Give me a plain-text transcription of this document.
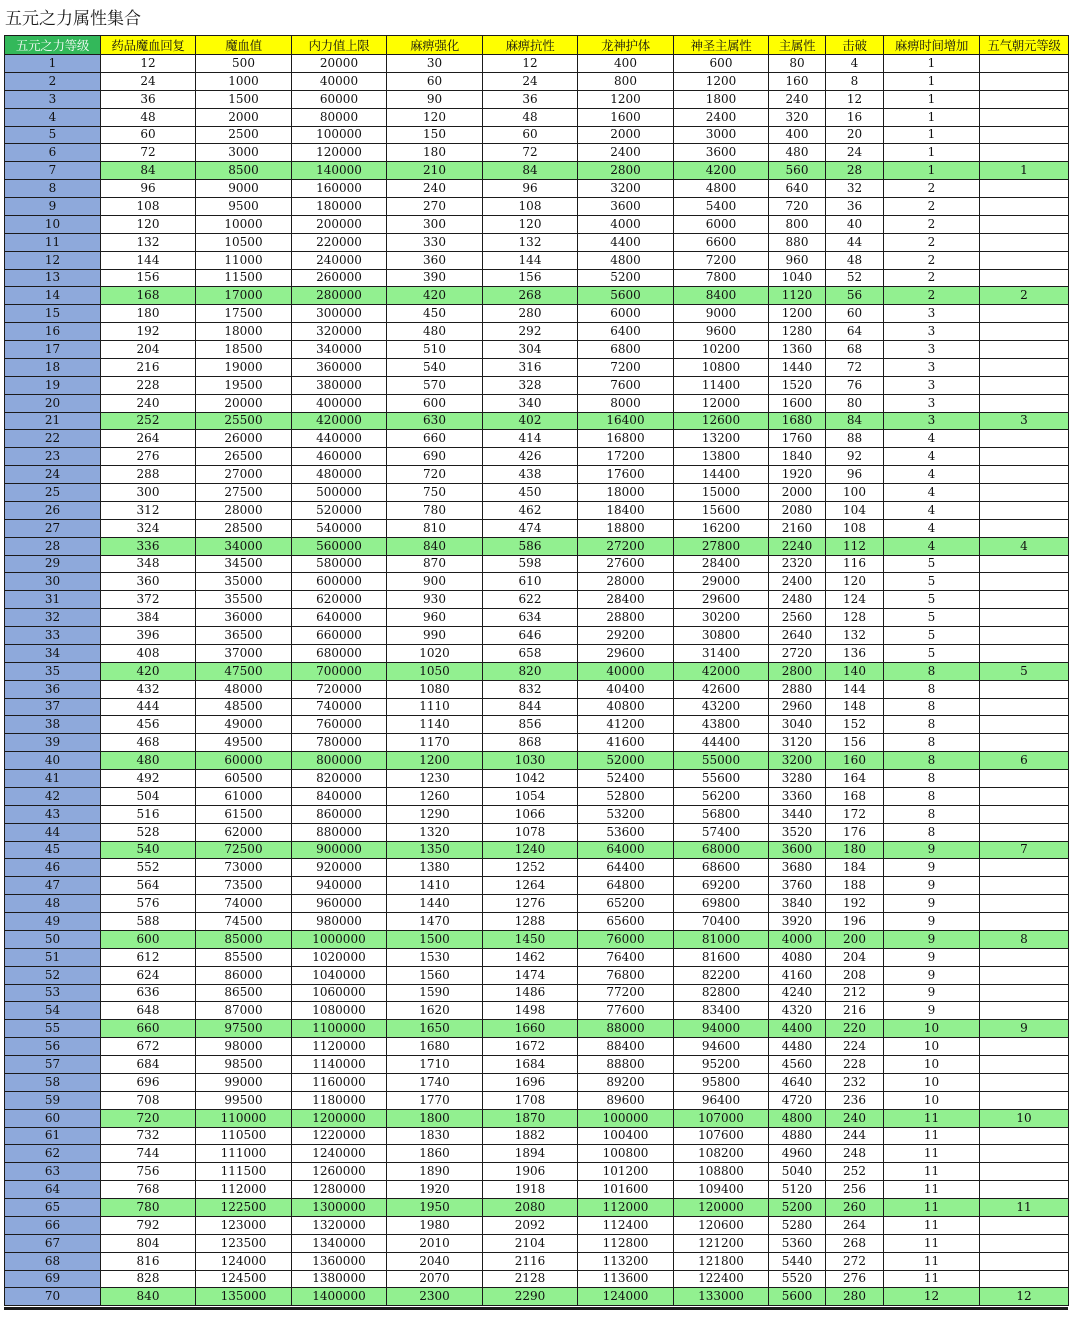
五元之力属性集合
五元之力等级	药品魔血回复	魔血值	内力值上限	麻痹强化	麻痹抗性	龙神护体	神圣主属性	主属性	击破	麻痹时间增加	五气朝元等级
1	12	500	20000	30	12	400	600	80	4	1	
2	24	1000	40000	60	24	800	1200	160	8	1	
3	36	1500	60000	90	36	1200	1800	240	12	1	
4	48	2000	80000	120	48	1600	2400	320	16	1	
5	60	2500	100000	150	60	2000	3000	400	20	1	
6	72	3000	120000	180	72	2400	3600	480	24	1	
7	84	8500	140000	210	84	2800	4200	560	28	1	1
8	96	9000	160000	240	96	3200	4800	640	32	2	
9	108	9500	180000	270	108	3600	5400	720	36	2	
10	120	10000	200000	300	120	4000	6000	800	40	2	
11	132	10500	220000	330	132	4400	6600	880	44	2	
12	144	11000	240000	360	144	4800	7200	960	48	2	
13	156	11500	260000	390	156	5200	7800	1040	52	2	
14	168	17000	280000	420	268	5600	8400	1120	56	2	2
15	180	17500	300000	450	280	6000	9000	1200	60	3	
16	192	18000	320000	480	292	6400	9600	1280	64	3	
17	204	18500	340000	510	304	6800	10200	1360	68	3	
18	216	19000	360000	540	316	7200	10800	1440	72	3	
19	228	19500	380000	570	328	7600	11400	1520	76	3	
20	240	20000	400000	600	340	8000	12000	1600	80	3	
21	252	25500	420000	630	402	16400	12600	1680	84	3	3
22	264	26000	440000	660	414	16800	13200	1760	88	4	
23	276	26500	460000	690	426	17200	13800	1840	92	4	
24	288	27000	480000	720	438	17600	14400	1920	96	4	
25	300	27500	500000	750	450	18000	15000	2000	100	4	
26	312	28000	520000	780	462	18400	15600	2080	104	4	
27	324	28500	540000	810	474	18800	16200	2160	108	4	
28	336	34000	560000	840	586	27200	27800	2240	112	4	4
29	348	34500	580000	870	598	27600	28400	2320	116	5	
30	360	35000	600000	900	610	28000	29000	2400	120	5	
31	372	35500	620000	930	622	28400	29600	2480	124	5	
32	384	36000	640000	960	634	28800	30200	2560	128	5	
33	396	36500	660000	990	646	29200	30800	2640	132	5	
34	408	37000	680000	1020	658	29600	31400	2720	136	5	
35	420	47500	700000	1050	820	40000	42000	2800	140	8	5
36	432	48000	720000	1080	832	40400	42600	2880	144	8	
37	444	48500	740000	1110	844	40800	43200	2960	148	8	
38	456	49000	760000	1140	856	41200	43800	3040	152	8	
39	468	49500	780000	1170	868	41600	44400	3120	156	8	
40	480	60000	800000	1200	1030	52000	55000	3200	160	8	6
41	492	60500	820000	1230	1042	52400	55600	3280	164	8	
42	504	61000	840000	1260	1054	52800	56200	3360	168	8	
43	516	61500	860000	1290	1066	53200	56800	3440	172	8	
44	528	62000	880000	1320	1078	53600	57400	3520	176	8	
45	540	72500	900000	1350	1240	64000	68000	3600	180	9	7
46	552	73000	920000	1380	1252	64400	68600	3680	184	9	
47	564	73500	940000	1410	1264	64800	69200	3760	188	9	
48	576	74000	960000	1440	1276	65200	69800	3840	192	9	
49	588	74500	980000	1470	1288	65600	70400	3920	196	9	
50	600	85000	1000000	1500	1450	76000	81000	4000	200	9	8
51	612	85500	1020000	1530	1462	76400	81600	4080	204	9	
52	624	86000	1040000	1560	1474	76800	82200	4160	208	9	
53	636	86500	1060000	1590	1486	77200	82800	4240	212	9	
54	648	87000	1080000	1620	1498	77600	83400	4320	216	9	
55	660	97500	1100000	1650	1660	88000	94000	4400	220	10	9
56	672	98000	1120000	1680	1672	88400	94600	4480	224	10	
57	684	98500	1140000	1710	1684	88800	95200	4560	228	10	
58	696	99000	1160000	1740	1696	89200	95800	4640	232	10	
59	708	99500	1180000	1770	1708	89600	96400	4720	236	10	
60	720	110000	1200000	1800	1870	100000	107000	4800	240	11	10
61	732	110500	1220000	1830	1882	100400	107600	4880	244	11	
62	744	111000	1240000	1860	1894	100800	108200	4960	248	11	
63	756	111500	1260000	1890	1906	101200	108800	5040	252	11	
64	768	112000	1280000	1920	1918	101600	109400	5120	256	11	
65	780	122500	1300000	1950	2080	112000	120000	5200	260	11	11
66	792	123000	1320000	1980	2092	112400	120600	5280	264	11	
67	804	123500	1340000	2010	2104	112800	121200	5360	268	11	
68	816	124000	1360000	2040	2116	113200	121800	5440	272	11	
69	828	124500	1380000	2070	2128	113600	122400	5520	276	11	
70	840	135000	1400000	2300	2290	124000	133000	5600	280	12	12
